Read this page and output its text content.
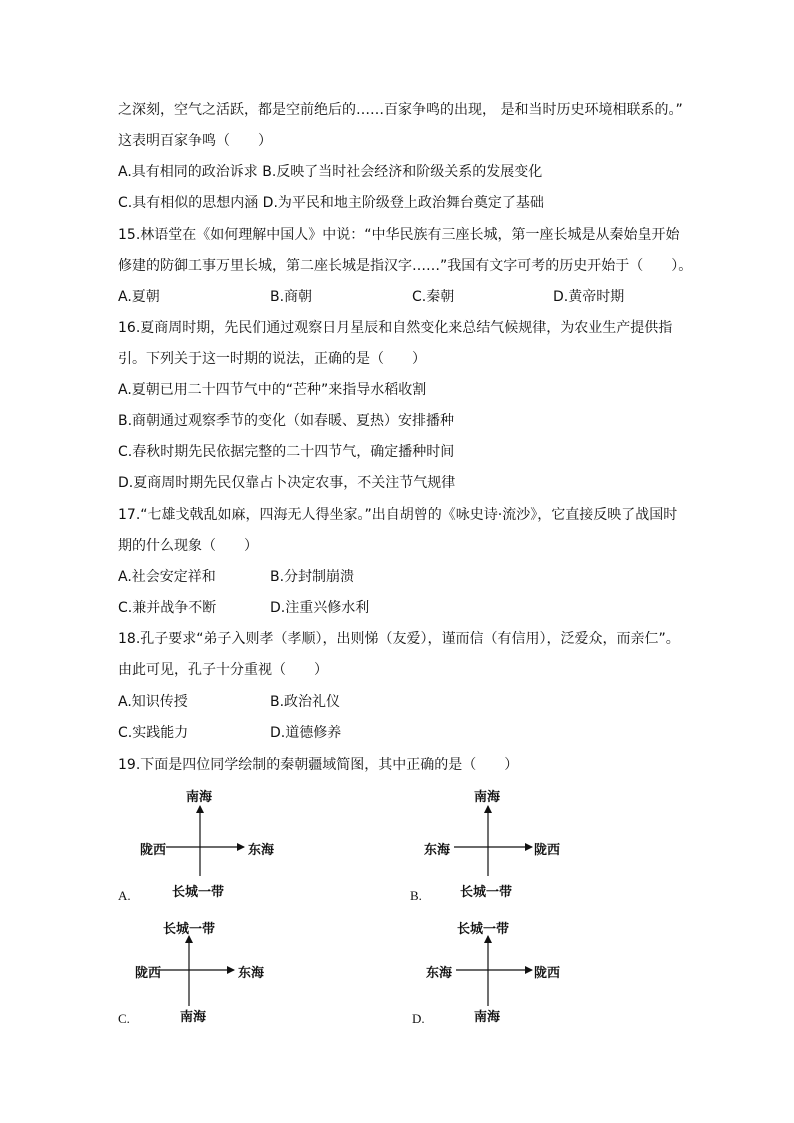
之深刻，空气之活跃，都是空前绝后的……百家争鸣的出现， 是和当时历史环境相联系的。”
这表明百家争鸣（　　）
A.具有相同的政治诉求 B.反映了当时社会经济和阶级关系的发展变化
C.具有相似的思想内涵 D.为平民和地主阶级登上政治舞台奠定了基础
15.林语堂在《如何理解中国人》中说：“中华民族有三座长城，第一座长城是从秦始皇开始
修建的防御工事万里长城，第二座长城是指汉字……”我国有文字可考的历史开始于（　　）。
A.夏朝	B.商朝	C.秦朝	D.黄帝时期
16.夏商周时期，先民们通过观察日月星辰和自然变化来总结气候规律，为农业生产提供指
引。下列关于这一时期的说法，正确的是（　　）
A.夏朝已用二十四节气中的“芒种”来指导水稻收割
B.商朝通过观察季节的变化（如春暖、夏热）安排播种
C.春秋时期先民依据完整的二十四节气，确定播种时间
D.夏商周时期先民仅靠占卜决定农事，不关注节气规律
17.“七雄戈戟乱如麻，四海无人得坐家。”出自胡曾的《咏史诗·流沙》，它直接反映了战国时
期的什么现象（　　）
A.社会安定祥和	B.分封制崩溃
C.兼并战争不断	D.注重兴修水利
18.孔子要求“弟子入则孝（孝顺），出则悌（友爱），谨而信（有信用），泛爱众，而亲仁”。
由此可见，孔子十分重视（　　）
A.知识传授	B.政治礼仪
C.实践能力	D.道德修养
19.下面是四位同学绘制的秦朝疆域简图，其中正确的是（　　）
南海
陇西	东海
长城一带
A.
南海
东海	陇西
长城一带
B.
长城一带
陇西	东海
南海
C.
长城一带
东海	陇西
南海
D.
